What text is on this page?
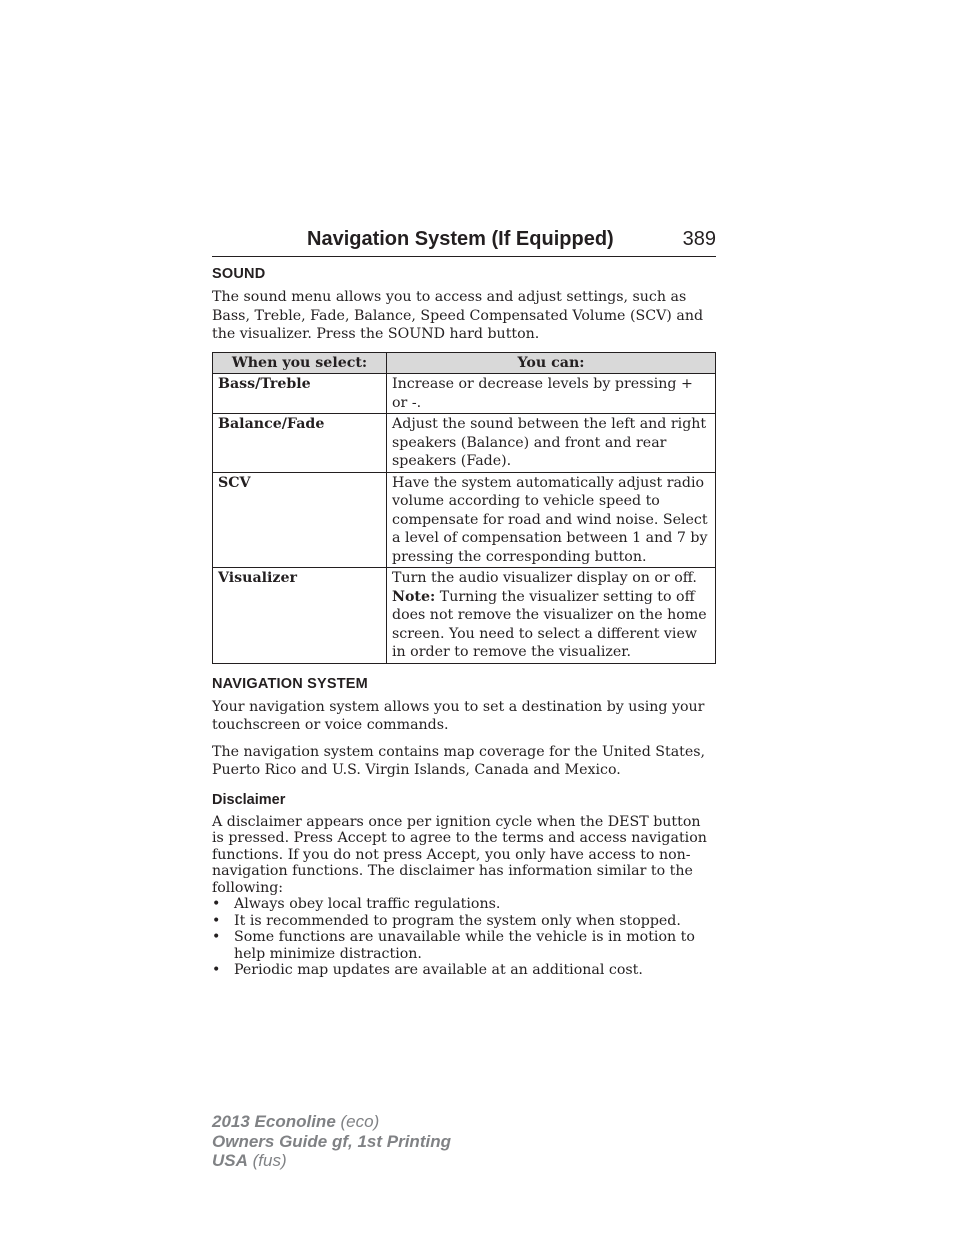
Navigation System (If Equipped)	389
SOUND

The sound menu allows you to access and adjust settings, such as Bass, Treble, Fade, Balance, Speed Compensated Volume (SCV) and the visualizer. Press the SOUND hard button.

When you select:	You can:
Bass/Treble	Increase or decrease levels by pressing + or -.
Balance/Fade	Adjust the sound between the left and right speakers (Balance) and front and rear speakers (Fade).
SCV	Have the system automatically adjust radio volume according to vehicle speed to compensate for road and wind noise. Select a level of compensation between 1 and 7 by pressing the corresponding button.
Visualizer	Turn the audio visualizer display on or off.
Note: Turning the visualizer setting to off does not remove the visualizer on the home screen. You need to select a different view in order to remove the visualizer.
NAVIGATION SYSTEM

Your navigation system allows you to set a destination by using your touchscreen or voice commands.

The navigation system contains map coverage for the United States, Puerto Rico and U.S. Virgin Islands, Canada and Mexico.

Disclaimer

A disclaimer appears once per ignition cycle when the DEST button is pressed. Press Accept to agree to the terms and access navigation functions. If you do not press Accept, you only have access to non-navigation functions. The disclaimer has information similar to the following:

• Always obey local traffic regulations.
• It is recommended to program the system only when stopped.
• Some functions are unavailable while the vehicle is in motion to help minimize distraction.
• Periodic map updates are available at an additional cost.
2013 Econoline (eco)
Owners Guide gf, 1st Printing
USA (fus)
